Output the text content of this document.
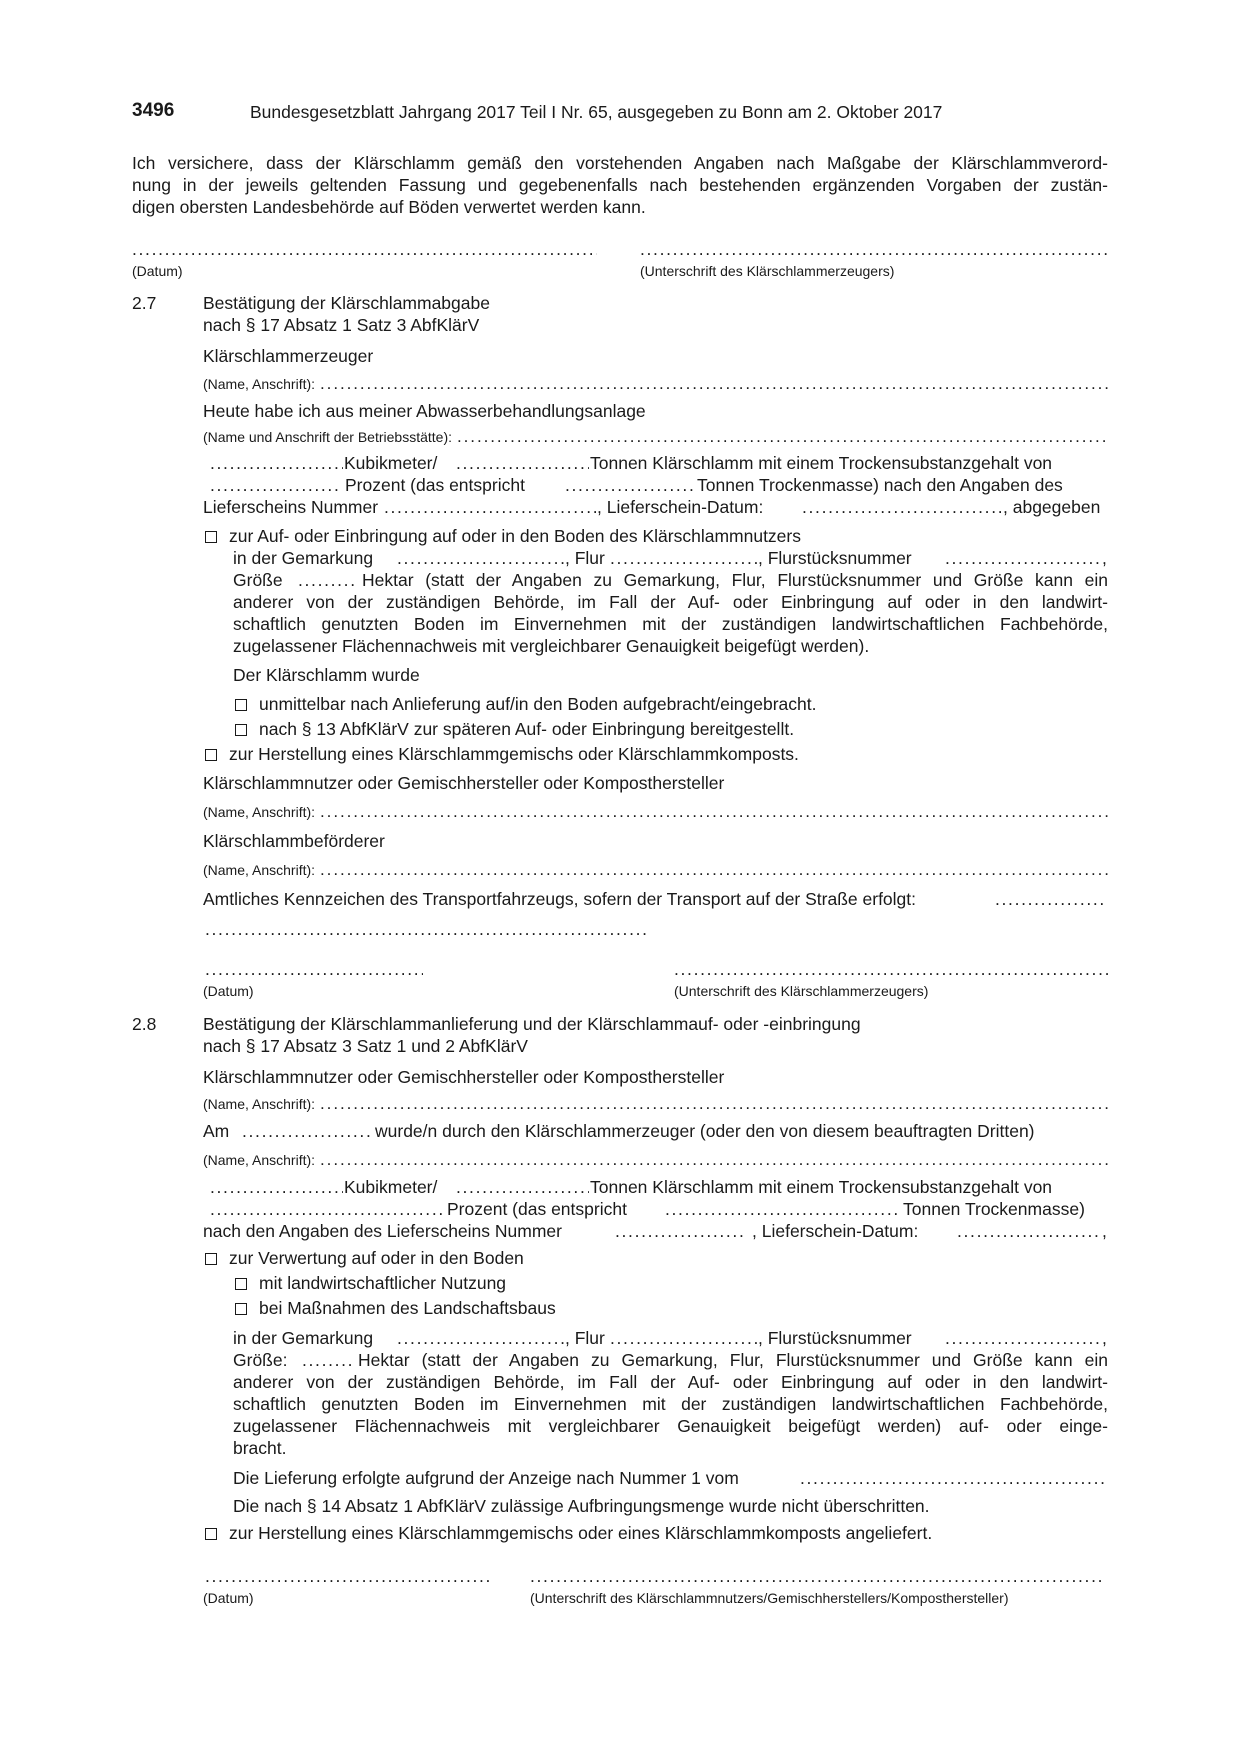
3496	Bundesgesetzblatt Jahrgang 2017 Teil I Nr. 65, ausgegeben zu Bonn am 2. Oktober 2017
Ich versichere, dass der Klärschlamm gemäß den vorstehenden Angaben nach Maßgabe der Klärschlammverord-
nung in der jeweils geltenden Fassung und gegebenenfalls nach bestehenden ergänzenden Vorgaben der zustän-
digen obersten Landesbehörde auf Böden verwertet werden kann.
. . .
. . .
(Datum)	(Unterschrift des Klärschlammerzeugers)
2.7	Bestätigung der Klärschlammabgabe
nach § 17 Absatz 1 Satz 3 AbfKlärV
Klärschlammerzeuger
(Name, Anschrift):
. . .
Heute habe ich aus meiner Abwasserbehandlungsanlage
(Name und Anschrift der Betriebsstätte):
. . .
. . .
Kubikmeter/ . . .	Tonnen Klärschlamm mit einem Trockensubstanzgehalt von
. . .
Prozent (das entspricht . . .	Tonnen Trockenmasse) nach den Angaben des
Lieferscheins Nummer . . .	, Lieferschein-Datum: . . .	, abgegeben
zur Auf- oder Einbringung auf oder in den Boden des Klärschlammnutzers
in der Gemarkung . . .	, Flur . . .	, Flurstücksnummer . . .	,
Größe . . .	Hektar (statt der Angaben zu Gemarkung, Flur, Flurstücksnummer und Größe kann ein
anderer von der zuständigen Behörde, im Fall der Auf- oder Einbringung auf oder in den landwirt-
schaftlich genutzten Boden im Einvernehmen mit der zuständigen landwirtschaftlichen Fachbehörde,
zugelassener Flächennachweis mit vergleichbarer Genauigkeit beigefügt werden).
Der Klärschlamm wurde
unmittelbar nach Anlieferung auf/in den Boden aufgebracht/eingebracht.
nach § 13 AbfKlärV zur späteren Auf- oder Einbringung bereitgestellt.
zur Herstellung eines Klärschlammgemischs oder Klärschlammkomposts.
Klärschlammnutzer oder Gemischhersteller oder Komposthersteller
(Name, Anschrift):
. . .
Klärschlammbeförderer
(Name, Anschrift):
. . .
Amtliches Kennzeichen des Transportfahrzeugs, sofern der Transport auf der Straße erfolgt:
. . .
. . .
. . .
. . .
(Datum)	(Unterschrift des Klärschlammerzeugers)
2.8	Bestätigung der Klärschlammanlieferung und der Klärschlammauf- oder -einbringung
nach § 17 Absatz 3 Satz 1 und 2 AbfKlärV
Klärschlammnutzer oder Gemischhersteller oder Komposthersteller
(Name, Anschrift):
. . .
Am . . .	wurde/n durch den Klärschlammerzeuger (oder den von diesem beauftragten Dritten)
(Name, Anschrift):
. . .
. . .
Kubikmeter/ . . .	Tonnen Klärschlamm mit einem Trockensubstanzgehalt von
. . .
Prozent (das entspricht . . .	Tonnen Trockenmasse)
nach den Angaben des Lieferscheins Nummer . . .	, Lieferschein-Datum: . . .	,
zur Verwertung auf oder in den Boden
mit landwirtschaftlicher Nutzung
bei Maßnahmen des Landschaftsbaus
in der Gemarkung . . .	, Flur . . .	, Flurstücksnummer . . .	,
Größe: . . .	Hektar (statt der Angaben zu Gemarkung, Flur, Flurstücksnummer und Größe kann ein
anderer von der zuständigen Behörde, im Fall der Auf- oder Einbringung auf oder in den landwirt-
schaftlich genutzten Boden im Einvernehmen mit der zuständigen landwirtschaftlichen Fachbehörde,
zugelassener Flächennachweis mit vergleichbarer Genauigkeit beigefügt werden) auf- oder einge-
bracht.
Die Lieferung erfolgte aufgrund der Anzeige nach Nummer 1 vom
. . .
Die nach § 14 Absatz 1 AbfKlärV zulässige Aufbringungsmenge wurde nicht überschritten.
zur Herstellung eines Klärschlammgemischs oder eines Klärschlammkomposts angeliefert.
. . .
. . .
(Datum)	(Unterschrift des Klärschlammnutzers/Gemischherstellers/Komposthersteller)
